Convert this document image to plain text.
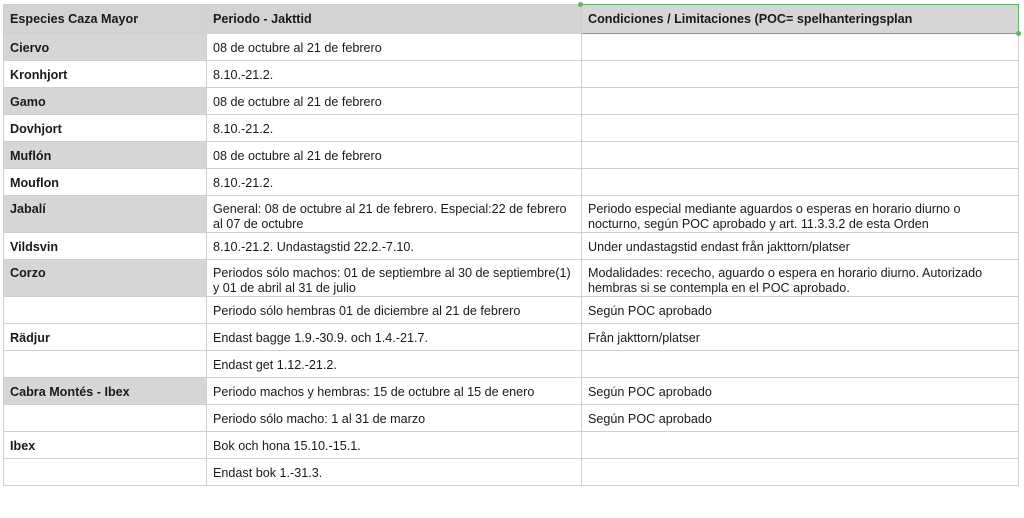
Especies Caza Mayor	Periodo - Jakttid	Condiciones / Limitaciones (POC= spelhanteringsplan
Ciervo	08 de octubre al 21 de febrero	
Kronhjort	8.10.-21.2.	
Gamo	08 de octubre al 21 de febrero	
Dovhjort	8.10.-21.2.	
Muflón	08 de octubre al 21 de febrero	
Mouflon	8.10.-21.2.	
Jabalí	General: 08 de octubre al 21 de febrero. Especial:22 de febrero al 07 de octubre	Periodo especial mediante aguardos o esperas en horario diurno o nocturno, según POC aprobado y art. 11.3.3.2 de esta Orden
Vildsvin	8.10.-21.2. Undastagstid 22.2.-7.10.	Under undastagstid endast från jakttorn/platser
Corzo	Periodos sólo machos: 01 de septiembre al 30 de septiembre(1) y 01 de abril al 31 de julio	Modalidades: rececho, aguardo o espera en horario diurno. Autorizado hembras si se contempla en el POC aprobado.
	Periodo sólo hembras 01 de diciembre al 21 de febrero	Según POC aprobado
Rädjur	Endast bagge 1.9.-30.9. och 1.4.-21.7.	Från jakttorn/platser
	Endast get 1.12.-21.2.	
Cabra Montés - Ibex	Periodo machos y hembras: 15 de octubre al 15 de enero	Según POC aprobado
	Periodo sólo macho: 1 al 31 de marzo	Según POC aprobado
Ibex	Bok och hona 15.10.-15.1.	
	Endast bok 1.-31.3.	
